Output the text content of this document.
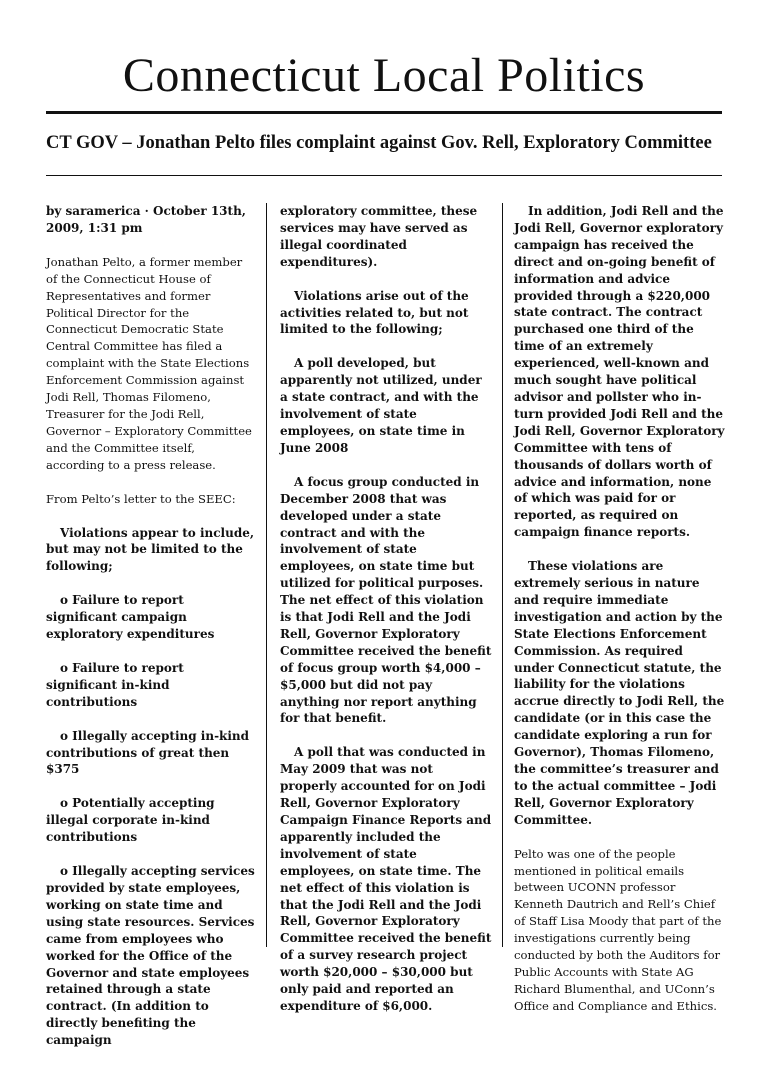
Connecticut Local Politics
CT GOV – Jonathan Pelto files complaint against Gov. Rell, Exploratory Committee

by saramerica · October 13th, 2009, 1:31 pm

Jonathan Pelto, a former member of the Connecticut House of Representatives and former Political Director for the Connecticut Democratic State Central Committee has filed a complaint with the State Elections Enforcement Commission against Jodi Rell, Thomas Filomeno, Treasurer for the Jodi Rell, Governor – Exploratory Committee and the Committee itself, according to a press release.

From Pelto’s letter to the SEEC:

Violations appear to include, but may not be limited to the following;

o Failure to report significant campaign exploratory expenditures

o Failure to report significant in-kind contributions

o Illegally accepting in-kind contributions of great then $375

o Potentially accepting illegal corporate in-kind contributions

o Illegally accepting services provided by state employees, working on state time and using state resources. Services came from employees who worked for the Office of the Governor and state employees retained through a state contract. (In addition to directly benefiting the campaign

exploratory committee, these services may have served as illegal coordinated expenditures).

Violations arise out of the activities related to, but not limited to the following;

A poll developed, but apparently not utilized, under a state contract, and with the involvement of state employees, on state time in June 2008

A focus group conducted in December 2008 that was developed under a state contract and with the involvement of state employees, on state time but utilized for political purposes. The net effect of this violation is that Jodi Rell and the Jodi Rell, Governor Exploratory Committee received the benefit of focus group worth $4,000 – $5,000 but did not pay anything nor report anything for that benefit.

A poll that was conducted in May 2009 that was not properly accounted for on Jodi Rell, Governor Exploratory Campaign Finance Reports and apparently included the involvement of state employees, on state time. The net effect of this violation is that the Jodi Rell and the Jodi Rell, Governor Exploratory Committee received the benefit of a survey research project worth $20,000 – $30,000 but only paid and reported an expenditure of $6,000.

In addition, Jodi Rell and the Jodi Rell, Governor exploratory campaign has received the direct and on-going benefit of information and advice provided through a $220,000 state contract. The contract purchased one third of the time of an extremely experienced, well-known and much sought have political advisor and pollster who in-turn provided Jodi Rell and the Jodi Rell, Governor Exploratory Committee with tens of thousands of dollars worth of advice and information, none of which was paid for or reported, as required on campaign finance reports.

These violations are extremely serious in nature and require immediate investigation and action by the State Elections Enforcement Commission. As required under Connecticut statute, the liability for the violations accrue directly to Jodi Rell, the candidate (or in this case the candidate exploring a run for Governor), Thomas Filomeno, the committee’s treasurer and to the actual committee – Jodi Rell, Governor Exploratory Committee.

Pelto was one of the people mentioned in political emails between UCONN professor Kenneth Dautrich and Rell’s Chief of Staff Lisa Moody that part of the investigations currently being conducted by both the Auditors for Public Accounts with State AG Richard Blumenthal, and UConn’s Office and Compliance and Ethics.
